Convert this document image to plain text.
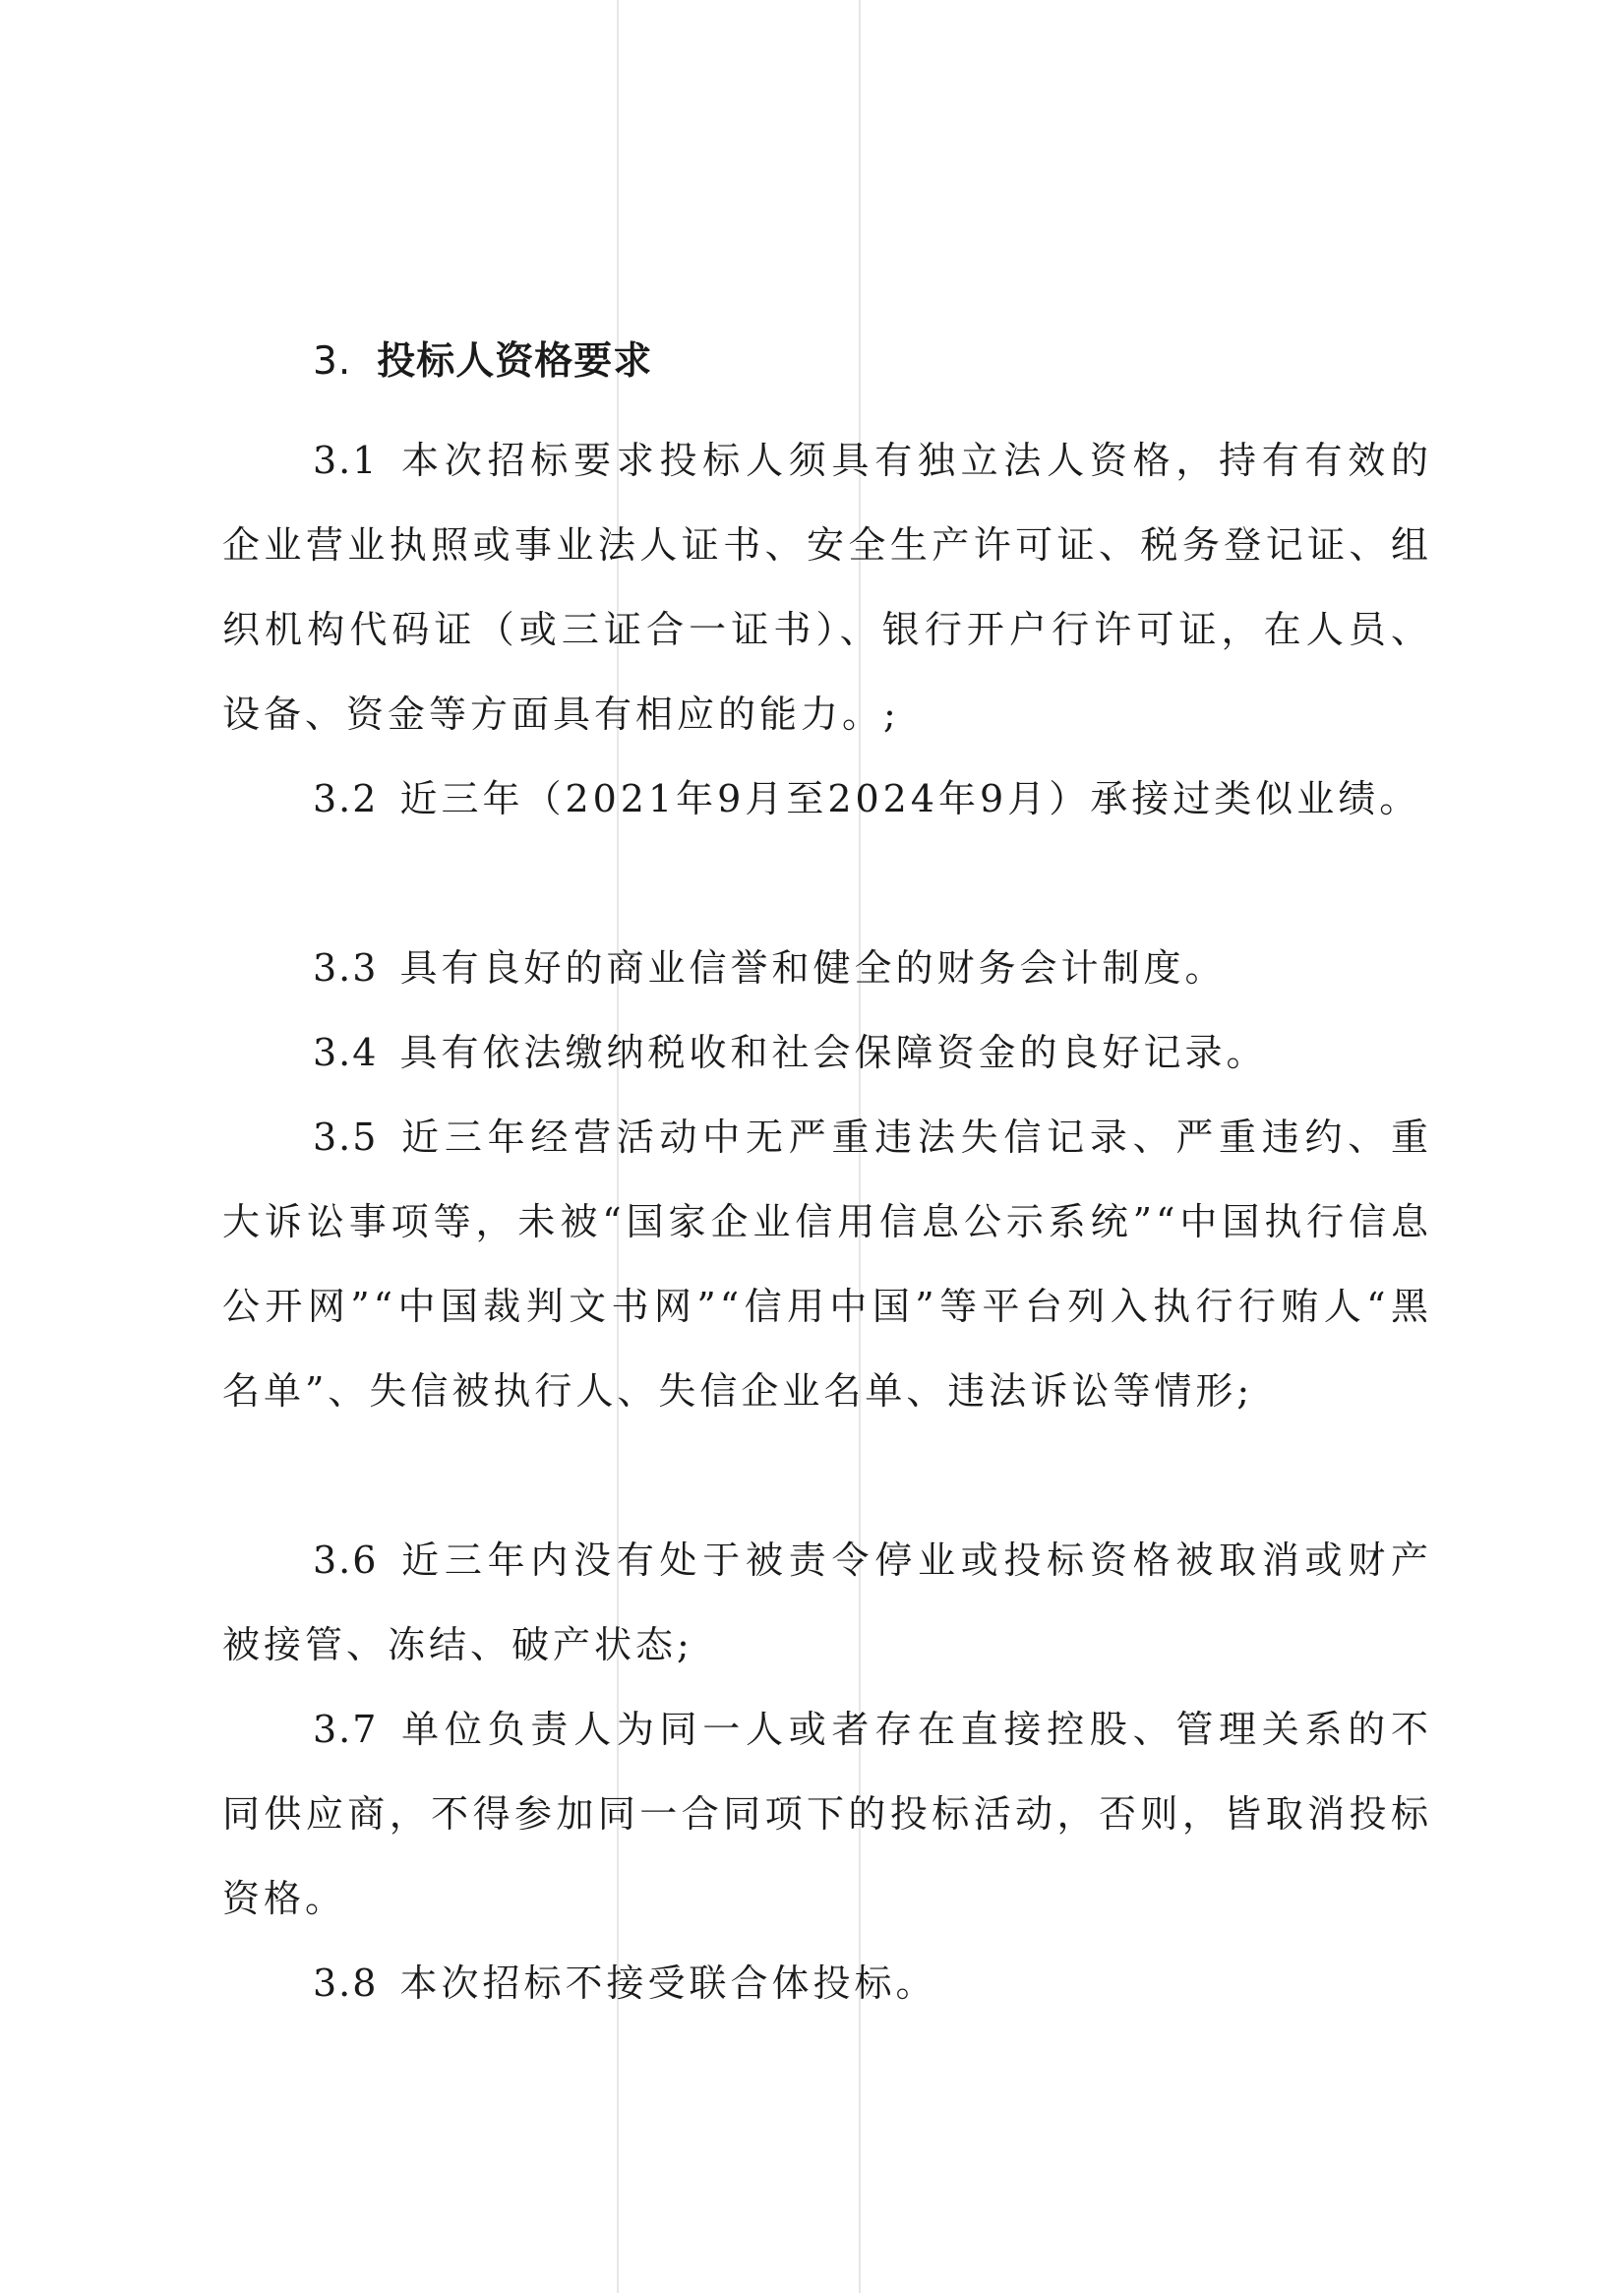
3. 投标人资格要求

3.1 本次招标要求投标人须具有独立法人资格，持有有效的企业营业执照或事业法人证书、安全生产许可证、税务登记证、组织机构代码证（或三证合一证书）、银行开户行许可证，在人员、设备、资金等方面具有相应的能力。;

3.2 近三年（2021年9月至2024年9月）承接过类似业绩。

3.3 具有良好的商业信誉和健全的财务会计制度。

3.4 具有依法缴纳税收和社会保障资金的良好记录。

3.5 近三年经营活动中无严重违法失信记录、严重违约、重大诉讼事项等，未被“国家企业信用信息公示系统”“中国执行信息公开网”“中国裁判文书网”“信用中国”等平台列入执行行贿人“黑名单”、失信被执行人、失信企业名单、违法诉讼等情形;

3.6 近三年内没有处于被责令停业或投标资格被取消或财产被接管、冻结、破产状态;

3.7 单位负责人为同一人或者存在直接控股、管理关系的不同供应商，不得参加同一合同项下的投标活动，否则，皆取消投标资格。

3.8 本次招标不接受联合体投标。
